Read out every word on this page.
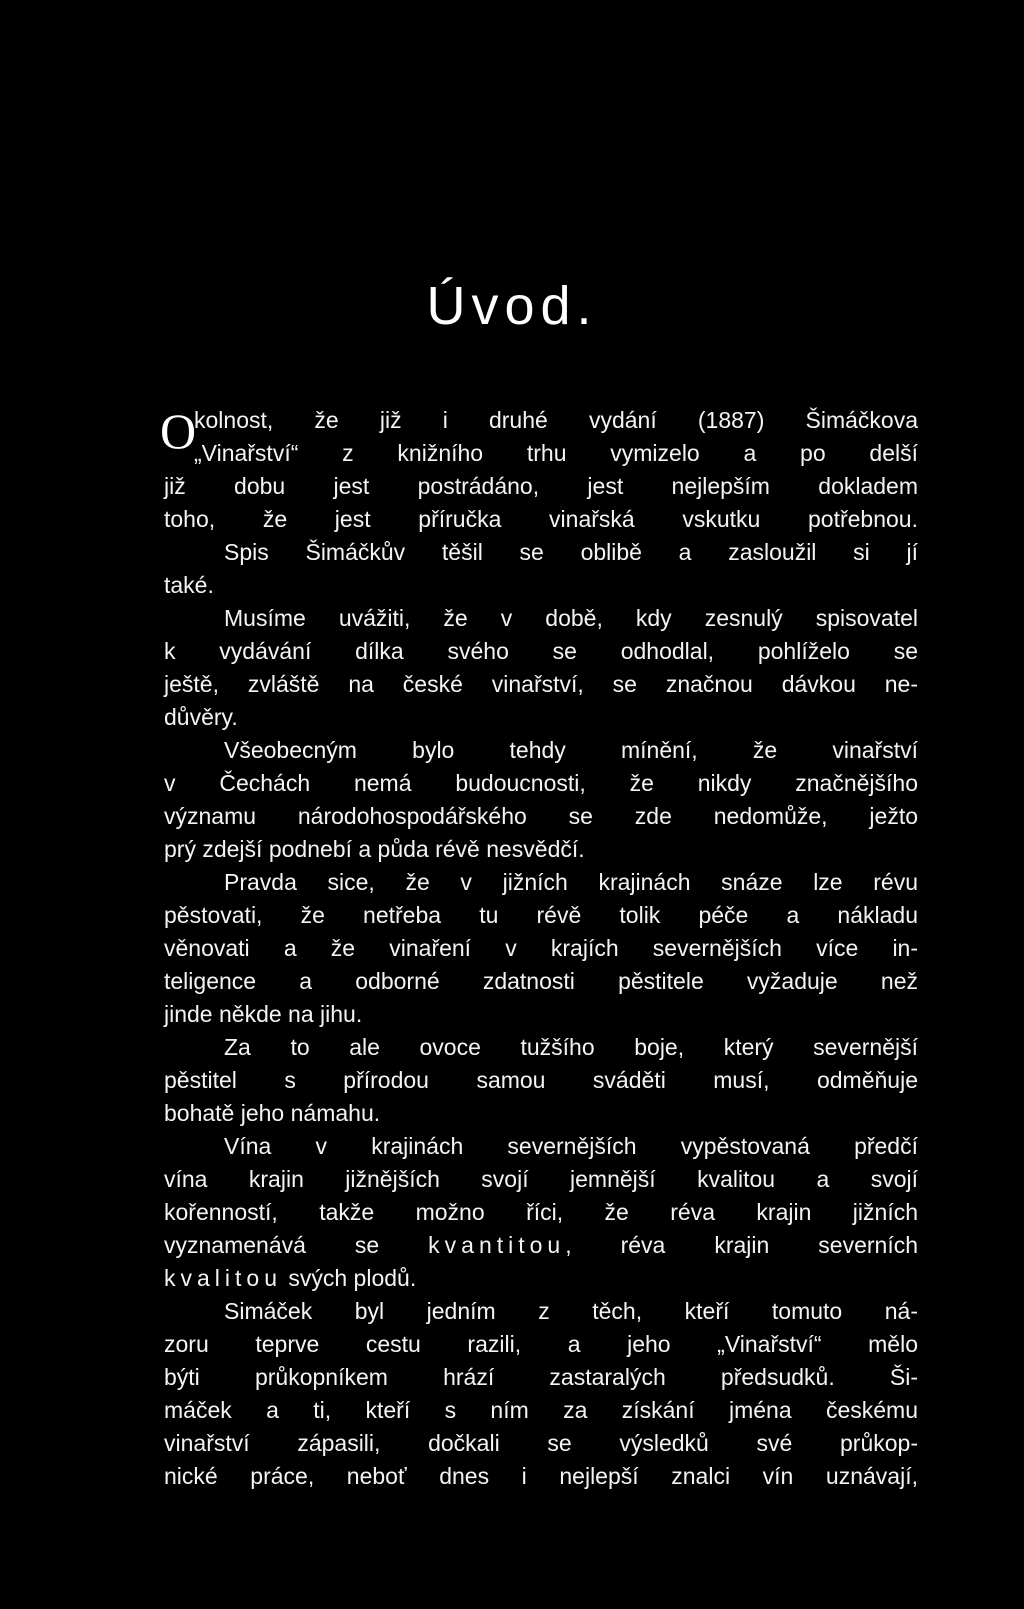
Úvod.
O
kolnost, že již i druhé vydání (1887) Šimáčkova
„Vinařství“ z knižního trhu vymizelo a po delší
již dobu jest postrádáno, jest nejlepším dokladem
toho, že jest příručka vinařská vskutku potřebnou.
Spis Šimáčkův těšil se oblibě a zasloužil si jí
také.
Musíme uvážiti, že v době, kdy zesnulý spisovatel
k vydávání dílka svého se odhodlal, pohlíželo se
ještě, zvláště na české vinařství, se značnou dávkou ne-
důvěry.
Všeobecným bylo tehdy mínění, že vinařství
v Čechách nemá budoucnosti, že nikdy značnějšího
významu národohospodářského se zde nedomůže, ježto
prý zdejší podnebí a půda révě nesvědčí.
Pravda sice, že v jižních krajinách snáze lze révu
pěstovati, že netřeba tu révě tolik péče a nákladu
věnovati a že vinaření v krajích severnějších více in-
teligence a odborné zdatnosti pěstitele vyžaduje než
jinde někde na jihu.
Za to ale ovoce tužšího boje, který severnější
pěstitel s přírodou samou sváděti musí, odměňuje
bohatě jeho námahu.
Vína v krajinách severnějších vypěstovaná předčí
vína krajin jižnějších svojí jemnější kvalitou a svojí
kořenností, takže možno říci, že réva krajin jižních
vyznamenává se kvantitou, réva krajin severních
kvalitou svých plodů.
Simáček byl jedním z těch, kteří tomuto ná-
zoru teprve cestu razili, a jeho „Vinařství“ mělo
býti průkopníkem hrází zastaralých předsudků. Ši-
máček a ti, kteří s ním za získání jména českému
vinařství zápasili, dočkali se výsledků své průkop-
nické práce, neboť dnes i nejlepší znalci vín uznávají,
